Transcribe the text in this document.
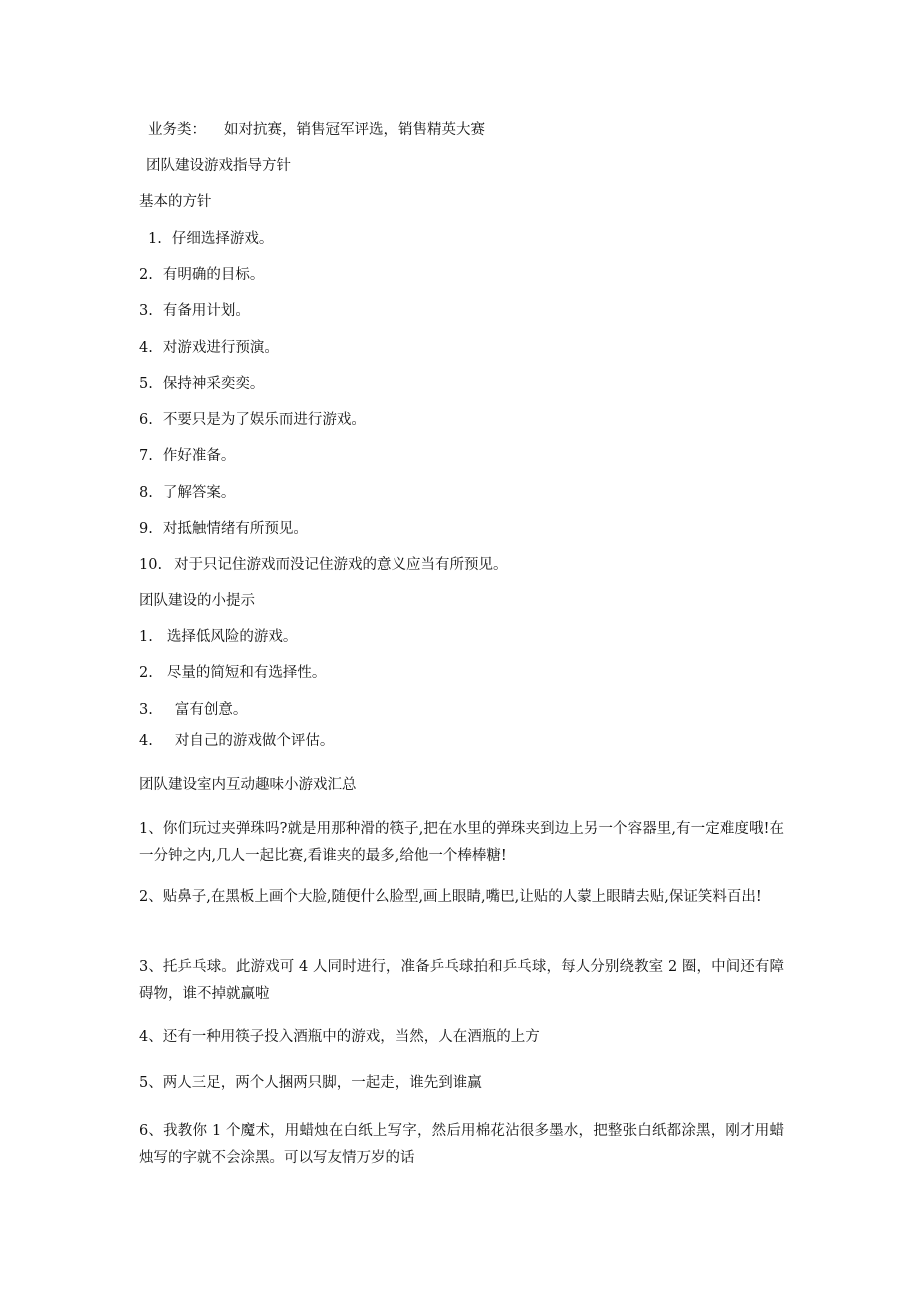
业务类： 如对抗赛，销售冠军评选，销售精英大赛
团队建设游戏指导方针
基本的方针
1. 仔细选择游戏。
2. 有明确的目标。
3. 有备用计划。
4. 对游戏进行预演。
5. 保持神采奕奕。
6. 不要只是为了娱乐而进行游戏。
7. 作好准备。
8. 了解答案。
9. 对抵触情绪有所预见。
10. 对于只记住游戏而没记住游戏的意义应当有所预见。
团队建设的小提示
1. 选择低风险的游戏。
2. 尽量的简短和有选择性。
3. 富有创意。
4. 对自己的游戏做个评估。
团队建设室内互动趣味小游戏汇总
1、你们玩过夹弹珠吗?就是用那种滑的筷子,把在水里的弹珠夹到边上另一个容器里,有一定难度哦!在一分钟之内,几人一起比赛,看谁夹的最多,给他一个棒棒糖!
2、贴鼻子,在黑板上画个大脸,随便什么脸型,画上眼睛,嘴巴,让贴的人蒙上眼睛去贴,保证笑料百出!
3、托乒乓球。此游戏可 4 人同时进行，准备乒乓球拍和乒乓球，每人分别绕教室 2 圈，中间还有障碍物，谁不掉就赢啦
4、还有一种用筷子投入酒瓶中的游戏，当然，人在酒瓶的上方
5、两人三足，两个人捆两只脚，一起走，谁先到谁赢
6、我教你 1 个魔术，用蜡烛在白纸上写字，然后用棉花沾很多墨水，把整张白纸都涂黑，刚才用蜡烛写的字就不会涂黑。可以写友情万岁的话
